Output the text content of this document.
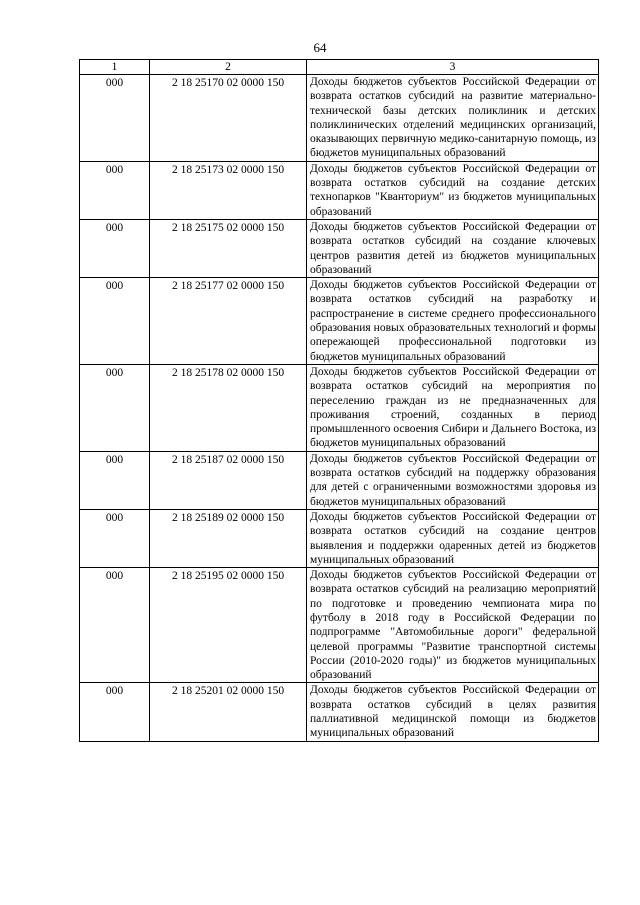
64
1	2	3
000	2 18 25170 02 0000 150	Доходы бюджетов субъектов Российской Федерации от возврата остатков субсидий на развитие материально-технической базы детских поликлиник и детских поликлинических отделений медицинских организаций, оказывающих первичную медико-санитарную помощь, из бюджетов муниципальных образований
000	2 18 25173 02 0000 150	Доходы бюджетов субъектов Российской Федерации от возврата остатков субсидий на создание детских технопарков "Кванториум" из бюджетов муниципальных образований
000	2 18 25175 02 0000 150	Доходы бюджетов субъектов Российской Федерации от возврата остатков субсидий на создание ключевых центров развития детей из бюджетов муниципальных образований
000	2 18 25177 02 0000 150	Доходы бюджетов субъектов Российской Федерации от возврата остатков субсидий на разработку и распространение в системе среднего профессионального образования новых образовательных технологий и формы опережающей профессиональной подготовки из бюджетов муниципальных образований
000	2 18 25178 02 0000 150	Доходы бюджетов субъектов Российской Федерации от возврата остатков субсидий на мероприятия по переселению граждан из не предназначенных для проживания строений, созданных в период промышленного освоения Сибири и Дальнего Востока, из бюджетов муниципальных образований
000	2 18 25187 02 0000 150	Доходы бюджетов субъектов Российской Федерации от возврата остатков субсидий на поддержку образования для детей с ограниченными возможностями здоровья из бюджетов муниципальных образований
000	2 18 25189 02 0000 150	Доходы бюджетов субъектов Российской Федерации от возврата остатков субсидий на создание центров выявления и поддержки одаренных детей из бюджетов муниципальных образований
000	2 18 25195 02 0000 150	Доходы бюджетов субъектов Российской Федерации от возврата остатков субсидий на реализацию мероприятий по подготовке и проведению чемпионата мира по футболу в 2018 году в Российской Федерации по подпрограмме "Автомобильные дороги" федеральной целевой программы "Развитие транспортной системы России (2010-2020 годы)" из бюджетов муниципальных образований
000	2 18 25201 02 0000 150	Доходы бюджетов субъектов Российской Федерации от возврата остатков субсидий в целях развития паллиативной медицинской помощи из бюджетов муниципальных образований
